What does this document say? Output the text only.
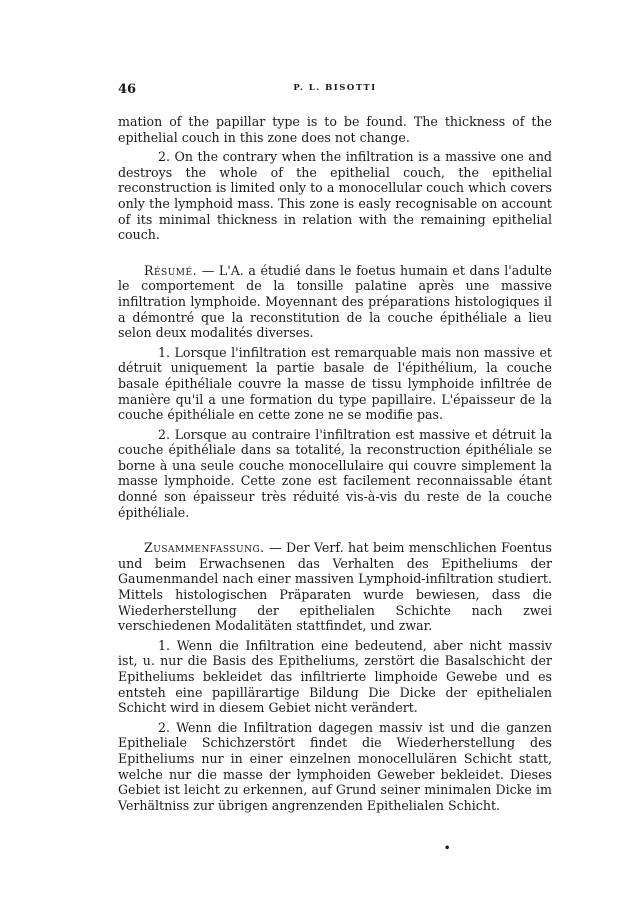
46	P. L. BISOTTI

mation of the papillar type is to be found. The thickness of the epithelial couch in this zone does not change.

2. On the contrary when the infiltration is a massive one and destroys the whole of the epithelial couch, the epithelial reconstruction is limited only to a monocellular couch which covers only the lymphoid mass. This zone is easly recognisable on account of its minimal thickness in relation with the remaining epithelial couch.

Résumé. — L'A. a étudié dans le foetus humain et dans l'adulte le comportement de la tonsille palatine après une massive infiltration lymphoide. Moyennant des préparations histologiques il a démontré que la reconstitution de la couche épithéliale a lieu selon deux modalités diverses.

1. Lorsque l'infiltration est remarquable mais non massive et détruit uniquement la partie basale de l'épithélium, la couche basale épithéliale couvre la masse de tissu lymphoide infiltrée de manière qu'il a une formation du type papillaire. L'épaisseur de la couche épithéliale en cette zone ne se modifie pas.

2. Lorsque au contraire l'infiltration est massive et détruit la couche épithéliale dans sa totalité, la reconstruction épithéliale se borne à una seule couche monocellulaire qui couvre simplement la masse lymphoide. Cette zone est facilement reconnaissable étant donné son épaisseur très réduité vis-à-vis du reste de la couche épithéliale.

Zusammenfassung. — Der Verf. hat beim menschlichen Foentus und beim Erwachsenen das Verhalten des Epitheliums der Gaumenmandel nach einer massiven Lymphoid-infiltration studiert. Mittels histologischen Präparaten wurde bewiesen, dass die Wiederherstellung der epithelialen Schichte nach zwei verschiedenen Modalitäten stattfindet, und zwar.

1. Wenn die Infiltration eine bedeutend, aber nicht massiv ist, u. nur die Basis des Epitheliums, zerstört die Basalschicht der Epitheliums bekleidet das infiltrierte limphoide Gewebe und es entsteh eine papillärartige Bildung Die Dicke der epithelialen Schicht wird in diesem Gebiet nicht verändert.

2. Wenn die Infiltration dagegen massiv ist und die ganzen Epitheliale Schichzerstört findet die Wiederherstellung des Epitheliums nur in einer einzelnen monocellulären Schicht statt, welche nur die masse der lymphoiden Geweber bekleidet. Dieses Gebiet ist leicht zu erkennen, auf Grund seiner minimalen Dicke im Verhältniss zur übrigen angrenzenden Epithelialen Schicht.

•
